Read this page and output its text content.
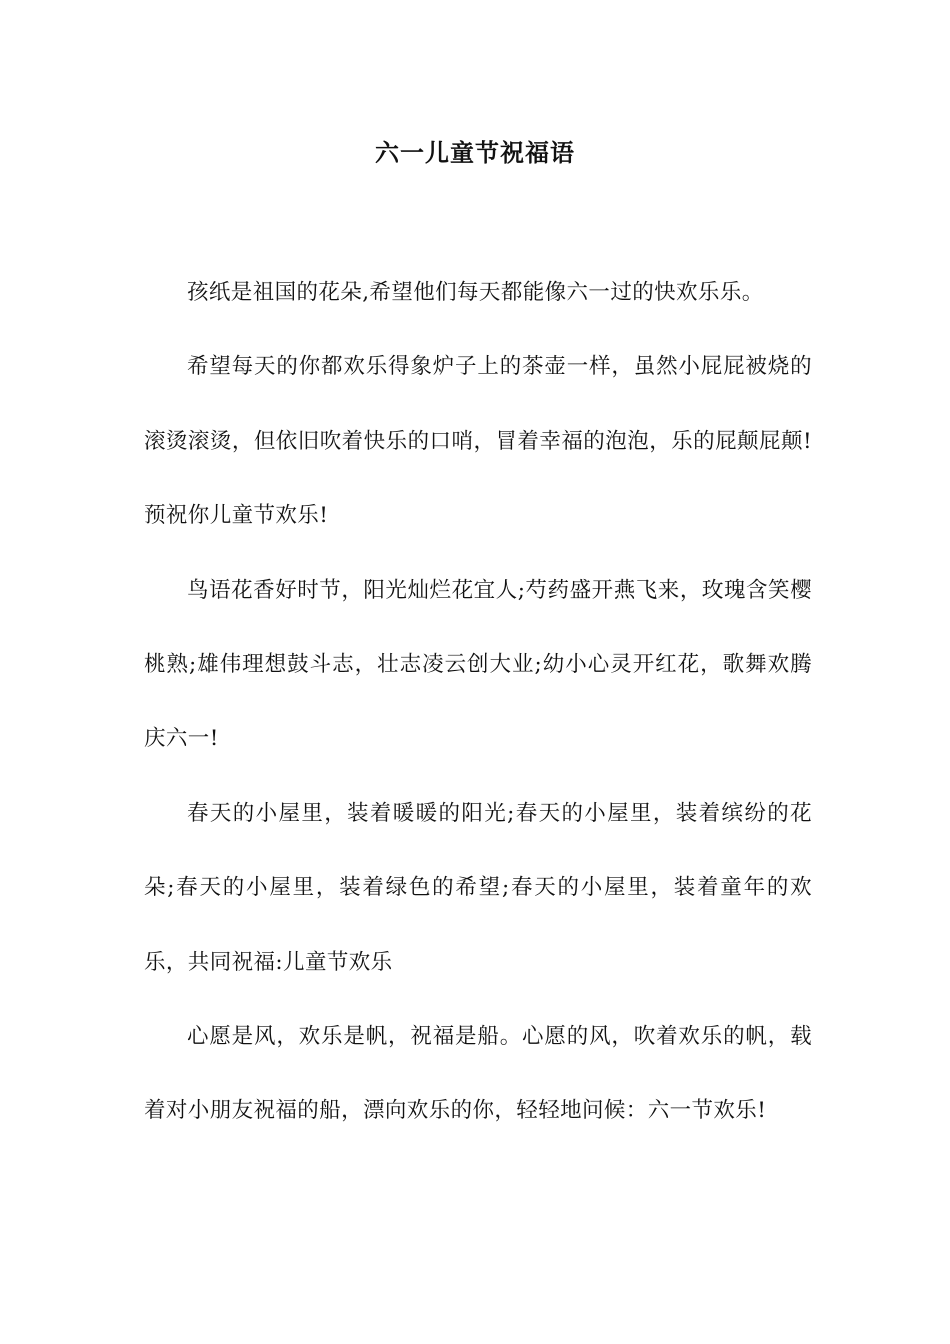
六一儿童节祝福语

孩纸是祖国的花朵,希望他们每天都能像六一过的快欢乐乐。

希望每天的你都欢乐得象炉子上的茶壶一样，虽然小屁屁被烧的滚烫滚烫，但依旧吹着快乐的口哨，冒着幸福的泡泡，乐的屁颠屁颠!预祝你儿童节欢乐!

鸟语花香好时节，阳光灿烂花宜人;芍药盛开燕飞来，玫瑰含笑樱桃熟;雄伟理想鼓斗志，壮志凌云创大业;幼小心灵开红花，歌舞欢腾庆六一!

春天的小屋里，装着暖暖的阳光;春天的小屋里，装着缤纷的花朵;春天的小屋里，装着绿色的希望;春天的小屋里，装着童年的欢乐，共同祝福:儿童节欢乐

心愿是风，欢乐是帆，祝福是船。心愿的风，吹着欢乐的帆，载着对小朋友祝福的船，漂向欢乐的你，轻轻地问候：六一节欢乐!
